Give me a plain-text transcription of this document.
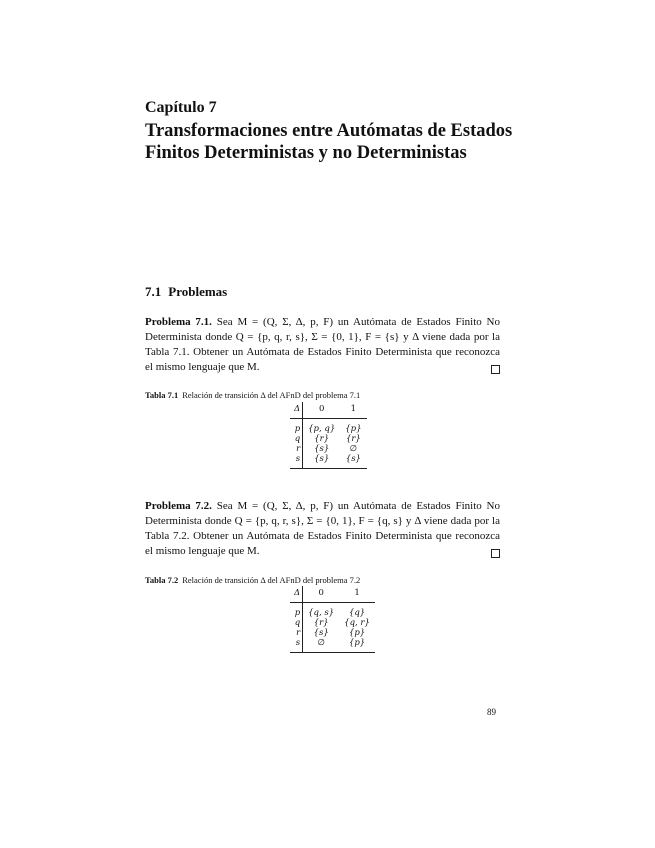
Capítulo 7
Transformaciones entre Autómatas de Estados Finitos Deterministas y no Deterministas
7.1 Problemas
Problema 7.1. Sea M = (Q, Σ, Δ, p, F) un Autómata de Estados Finito No Determinista donde Q = {p, q, r, s}, Σ = {0, 1}, F = {s} y Δ viene dada por la Tabla 7.1. Obtener un Autómata de Estados Finito Determinista que reconozca el mismo lenguaje que M.
Tabla 7.1 Relación de transición Δ del AFnD del problema 7.1
Δ	0	1

p	{p, q}	{p}
q	{r}	{r}
r	{s}	∅
s	{s}	{s}
Problema 7.2. Sea M = (Q, Σ, Δ, p, F) un Autómata de Estados Finito No Determinista donde Q = {p, q, r, s}, Σ = {0, 1}, F = {q, s} y Δ viene dada por la Tabla 7.2. Obtener un Autómata de Estados Finito Determinista que reconozca el mismo lenguaje que M.
Tabla 7.2 Relación de transición Δ del AFnD del problema 7.2
Δ	0	1

p	{q, s}	{q}
q	{r}	{q, r}
r	{s}	{p}
s	∅	{p}
89
